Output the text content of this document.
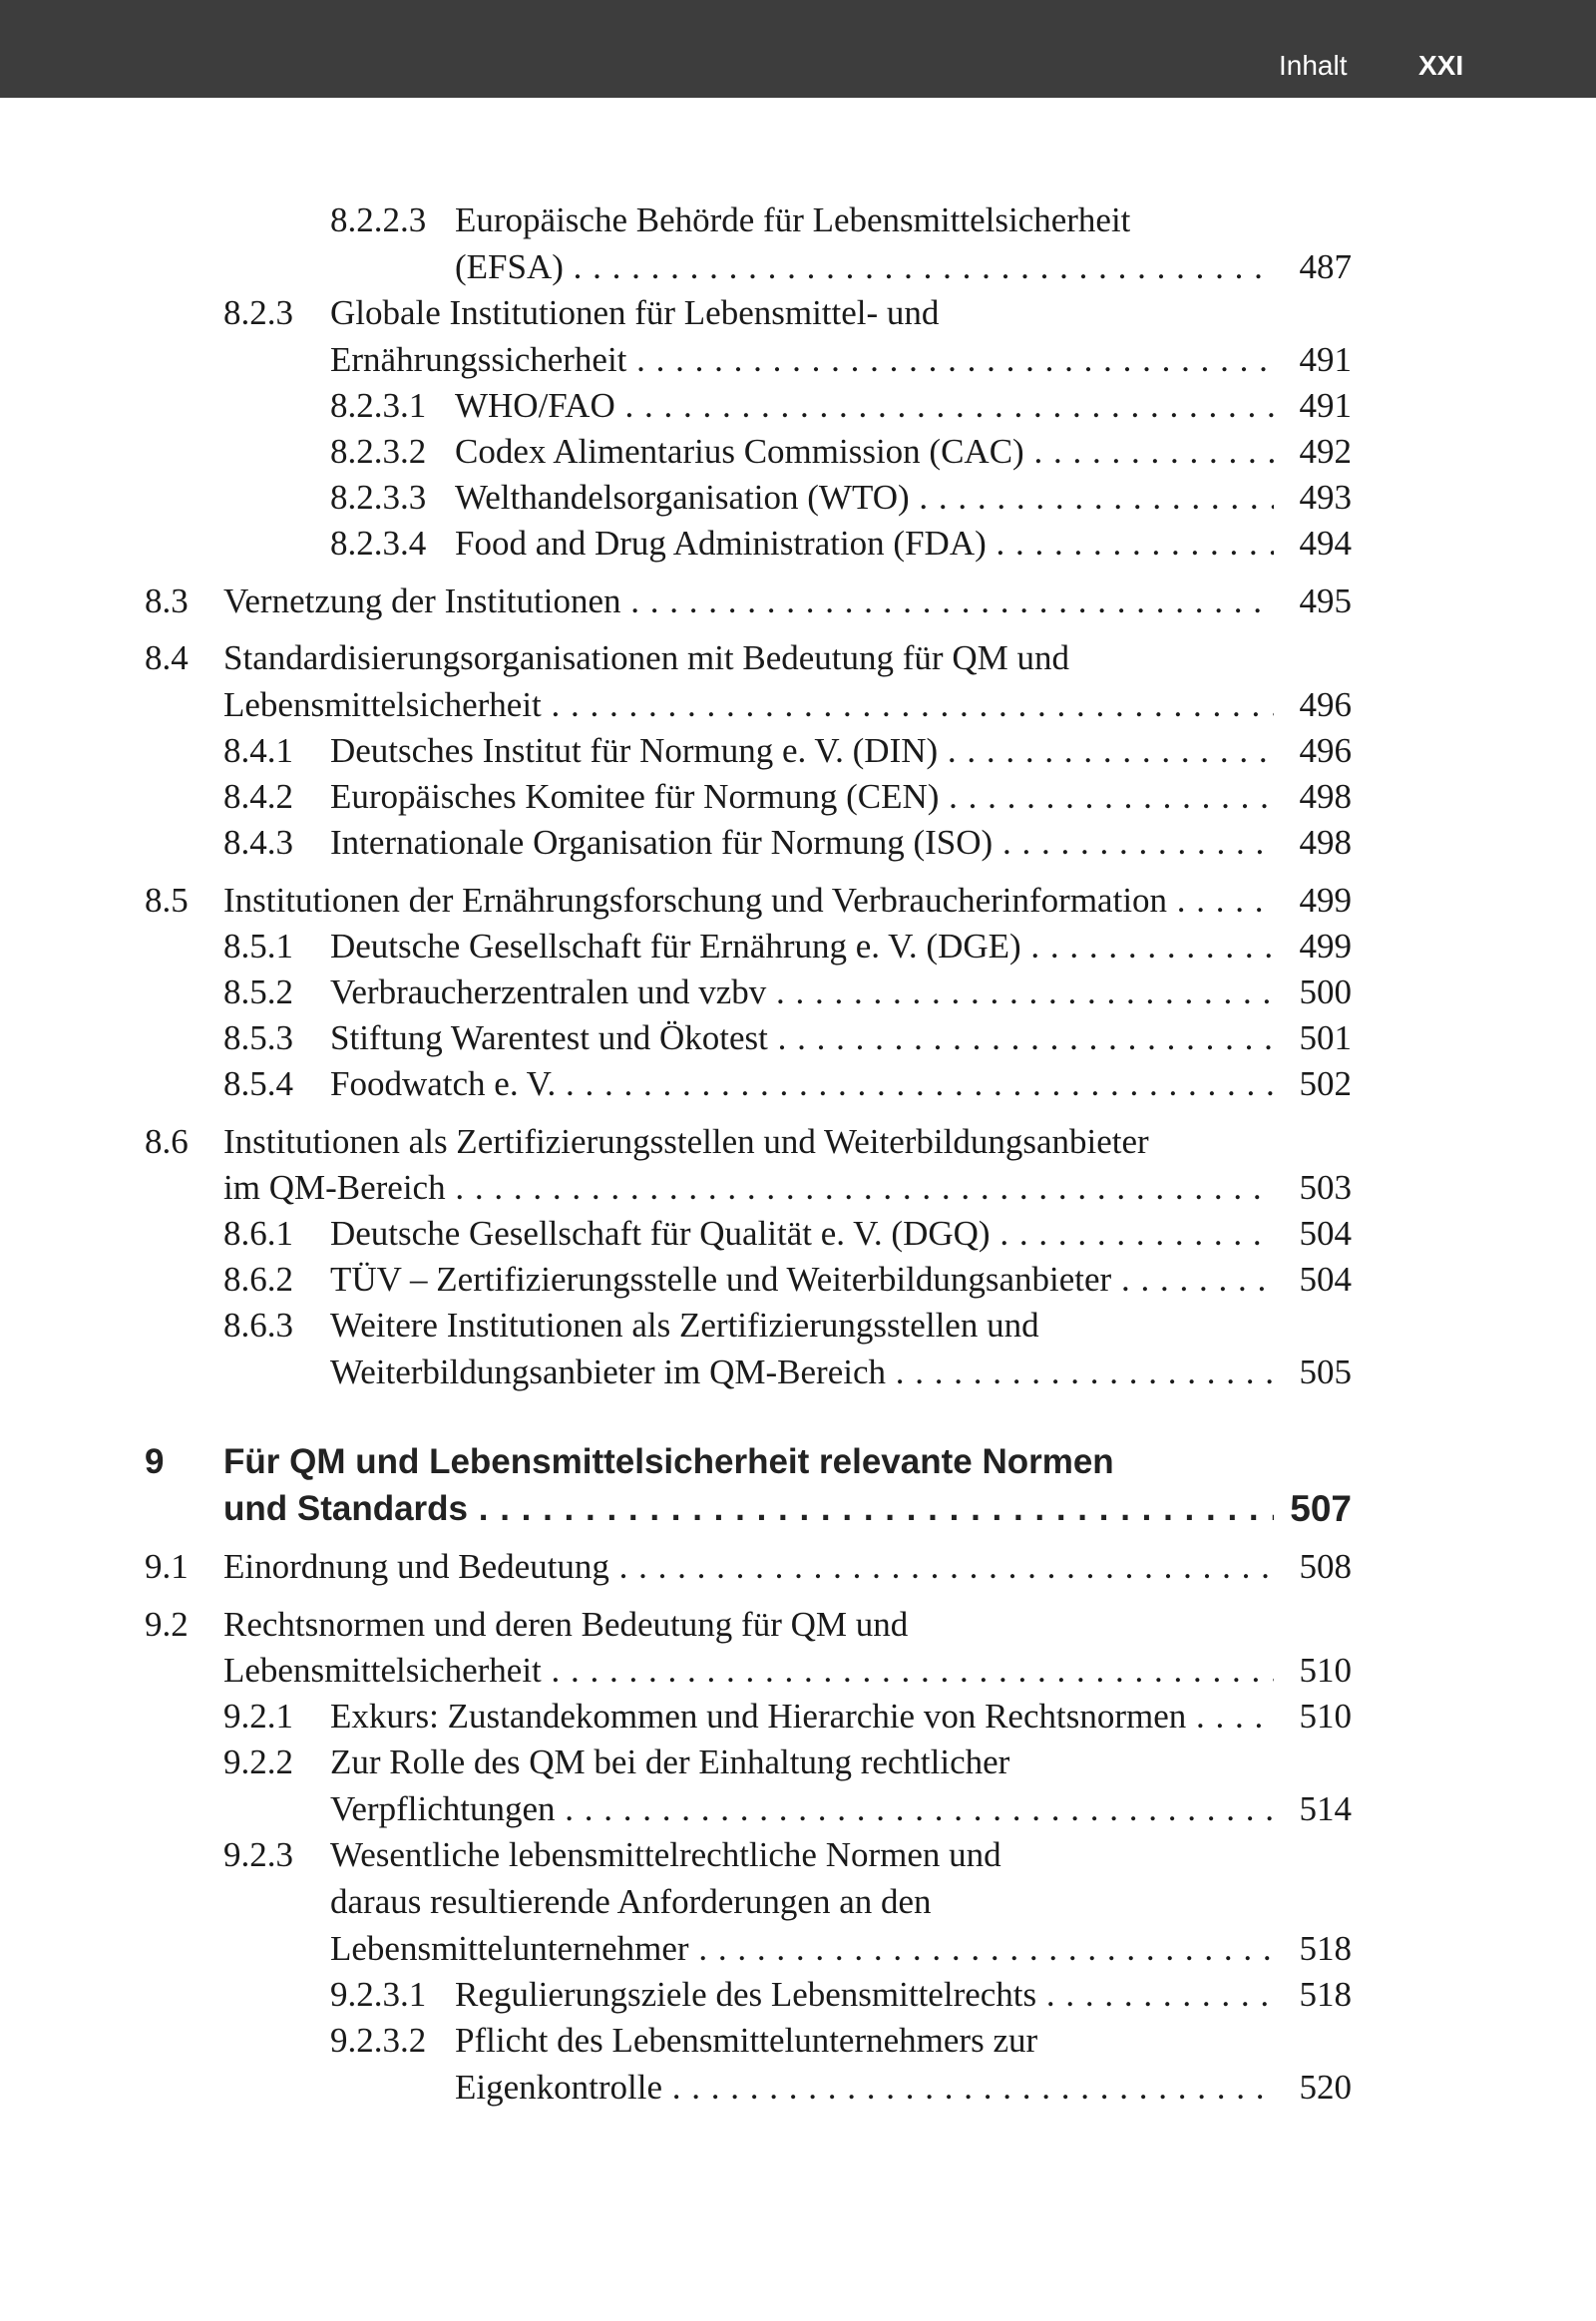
Inhalt	XXI
8.2.2.3 Europäische Behörde für Lebensmittelsicherheit
(EFSA) . . .	487
8.2.3 Globale Institutionen für Lebensmittel- und
Ernährungssicherheit . . .	491
8.2.3.1 WHO/FAO . . .	491
8.2.3.2 Codex Alimentarius Commission (CAC) . . .	492
8.2.3.3 Welthandelsorganisation (WTO) . . .	493
8.2.3.4 Food and Drug Administration (FDA) . . .	494
8.3 Vernetzung der Institutionen . . .	495
8.4 Standardisierungsorganisationen mit Bedeutung für QM und
Lebensmittelsicherheit . . .	496
8.4.1 Deutsches Institut für Normung e. V. (DIN) . . .	496
8.4.2 Europäisches Komitee für Normung (CEN) . . .	498
8.4.3 Internationale Organisation für Normung (ISO) . . .	498
8.5 Institutionen der Ernährungsforschung und Verbraucherinformation . . .	499
8.5.1 Deutsche Gesellschaft für Ernährung e. V. (DGE) . . .	499
8.5.2 Verbraucherzentralen und vzbv . . .	500
8.5.3 Stiftung Warentest und Ökotest . . .	501
8.5.4 Foodwatch e. V. . . .	502
8.6 Institutionen als Zertifizierungsstellen und Weiterbildungsanbieter
im QM-Bereich . . .	503
8.6.1 Deutsche Gesellschaft für Qualität e. V. (DGQ) . . .	504
8.6.2 TÜV – Zertifizierungsstelle und Weiterbildungsanbieter . . .	504
8.6.3 Weitere Institutionen als Zertifizierungsstellen und
Weiterbildungsanbieter im QM-Bereich . . .	505
9 Für QM und Lebensmittelsicherheit relevante Normen
und Standards . . .	507
9.1 Einordnung und Bedeutung . . .	508
9.2 Rechtsnormen und deren Bedeutung für QM und
Lebensmittelsicherheit . . .	510
9.2.1 Exkurs: Zustandekommen und Hierarchie von Rechtsnormen . . .	510
9.2.2 Zur Rolle des QM bei der Einhaltung rechtlicher
Verpflichtungen . . .	514
9.2.3 Wesentliche lebensmittelrechtliche Normen und
daraus resultierende Anforderungen an den
Lebensmittelunternehmer . . .	518
9.2.3.1 Regulierungsziele des Lebensmittelrechts . . .	518
9.2.3.2 Pflicht des Lebensmittelunternehmers zur
Eigenkontrolle . . .	520
